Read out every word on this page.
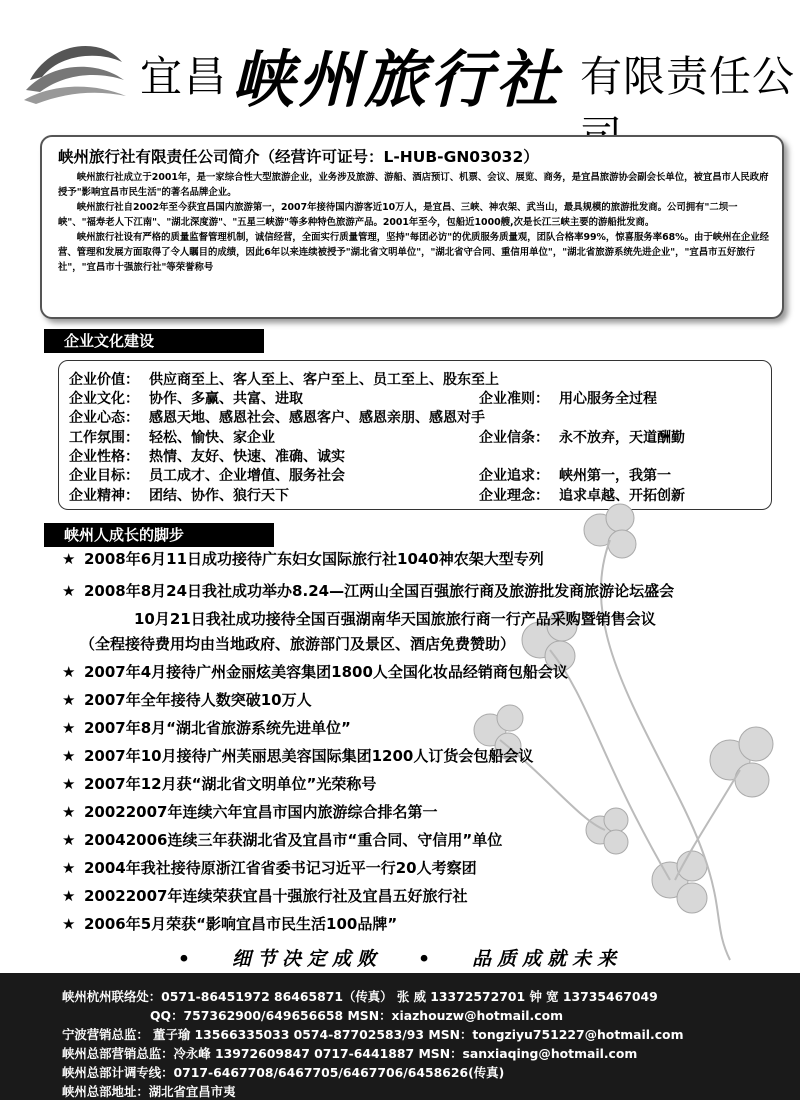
宜昌 峡州旅行社 有限责任公
峡州旅行社有限责任公司简介（经营许可证号：L-HUB-GN03032）

峡州旅行社成立于2001年，是一家综合性大型旅游企业，业务涉及旅游、游船、酒店预订、机票、会议、展览、商务，是宜昌旅游协会副会长单位，被宜昌市人民政府授予"影响宜昌市民生活"的著名品牌企业。

峡州旅行社自2002年至今获宜昌国内旅游第一，2007年接待国内游客近10万人，是宜昌、三峡、神农架、武当山，最具规模的旅游批发商。公司拥有"二坝一峡"、"福寿老人下江南"、"湖北深度游"、"五星三峡游"等多种特色旅游产品。2001年至今，包船近1000艘,次是长江三峡主要的游船批发商。

峡州旅行社设有严格的质量监督管理机制，诚信经营，全面实行质量管理，坚持"每团必访"的优质服务质量观，团队合格率99%，惊喜服务率68%。由于峡州在企业经营、管理和发展方面取得了令人瞩目的成绩，因此6年以来连续被授予"湖北省文明单位"，"湖北省守合同、重信用单位"，"湖北省旅游系统先进企业"，"宜昌市五好旅行社"，"宜昌市十强旅行社"等荣誉称号

企业文化建设
企业价值： 供应商至上、客人至上、客户至上、员工至上、股东至上
企业文化： 协作、多赢、共富、进取	企业准则： 用心服务全过程
企业心态： 感恩天地、感恩社会、感恩客户、感恩亲朋、感恩对手
工作氛围： 轻松、愉快、家企业	企业信条： 永不放弃，天道酬勤
企业性格： 热情、友好、快速、准确、诚实
企业目标： 员工成才、企业增值、服务社会	企业追求： 峡州第一，我第一
企业精神： 团结、协作、狼行天下	企业理念： 追求卓越、开拓创新
峡州人成长的脚步
★ 2008年6月11日成功接待广东妇女国际旅行社1040神农架大型专列
★ 2008年8月24日我社成功举办8.24—江两山全国百强旅行商及旅游批发商旅游论坛盛会
10月21日我社成功接待全国百强湖南华天国旅旅行商一行产品采购暨销售会议
（全程接待费用均由当地政府、旅游部门及景区、酒店免费赞助）
★ 2007年4月接待广州金丽炫美容集团1800人全国化妆品经销商包船会议
★ 2007年全年接待人数突破10万人
★ 2007年8月“湖北省旅游系统先进单位”
★ 2007年10月接待广州芙丽思美容国际集团1200人订货会包船会议
★ 2007年12月获“湖北省文明单位”光荣称号
★ 20022007年连续六年宜昌市国内旅游综合排名第一
★ 20042006连续三年获湖北省及宜昌市“重合同、守信用”单位
★ 2004年我社接待原浙江省省委书记习近平一行20人考察团
★ 20022007年连续荣获宜昌十强旅行社及宜昌五好旅行社
★ 2006年5月荣获“影响宜昌市民生活100品牌”
• 细节决定成败 • 品质成就未来
峡州杭州联络处：0571-86451972 86465871（传真） 张 威 13372572701 钟 宽 13735467049
QQ：757362900/649656658 MSN：xiazhouzw@hotmail.com
宁波营销总监： 董子瑜 13566335033 0574-87702583/93 MSN：tongziyu751227@hotmail.com
峡州总部营销总监：冷永峰 13972609847 0717-6441887 MSN：sanxiaqing@hotmail.com
峡州总部计调专线：0717-6467708/6467705/6467706/6458626(传真)
峡州总部地址：湖北省宜昌市夷
